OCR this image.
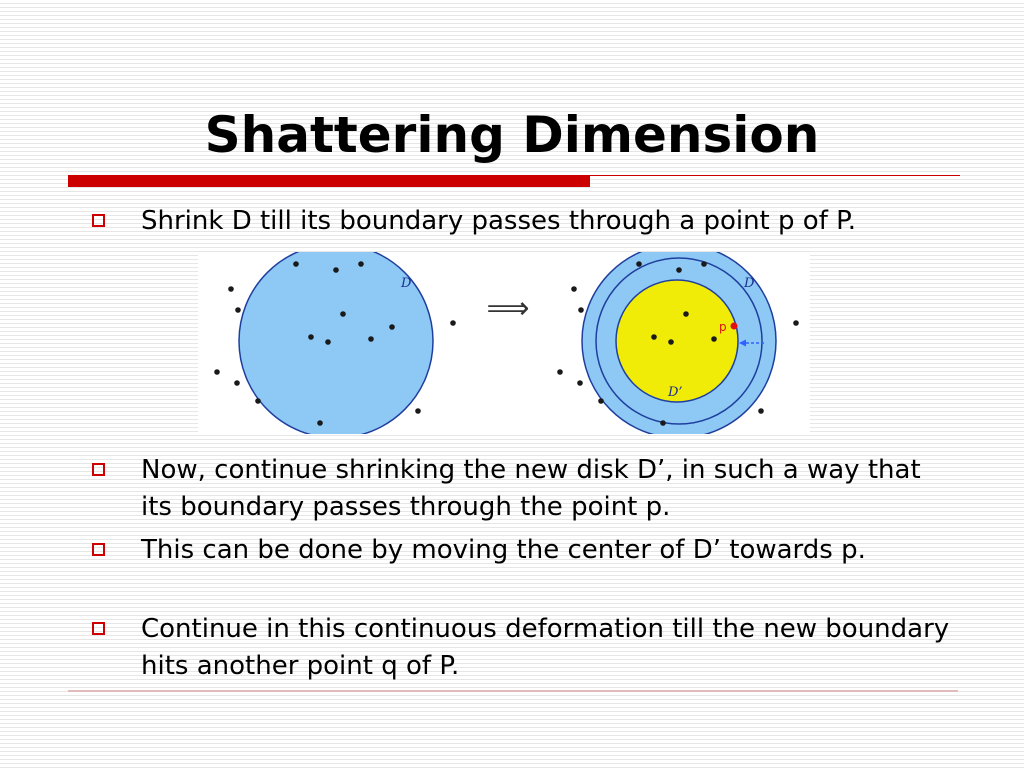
Shattering Dimension
Shrink D till its boundary passes through a point p of P.
D
⟹
D
D’
p
Now, continue shrinking the new disk D’, in such a way that its boundary passes through the point p.
This can be done by moving the center of D’ towards p.
Continue in this continuous deformation till the new boundary hits another point q of P.
